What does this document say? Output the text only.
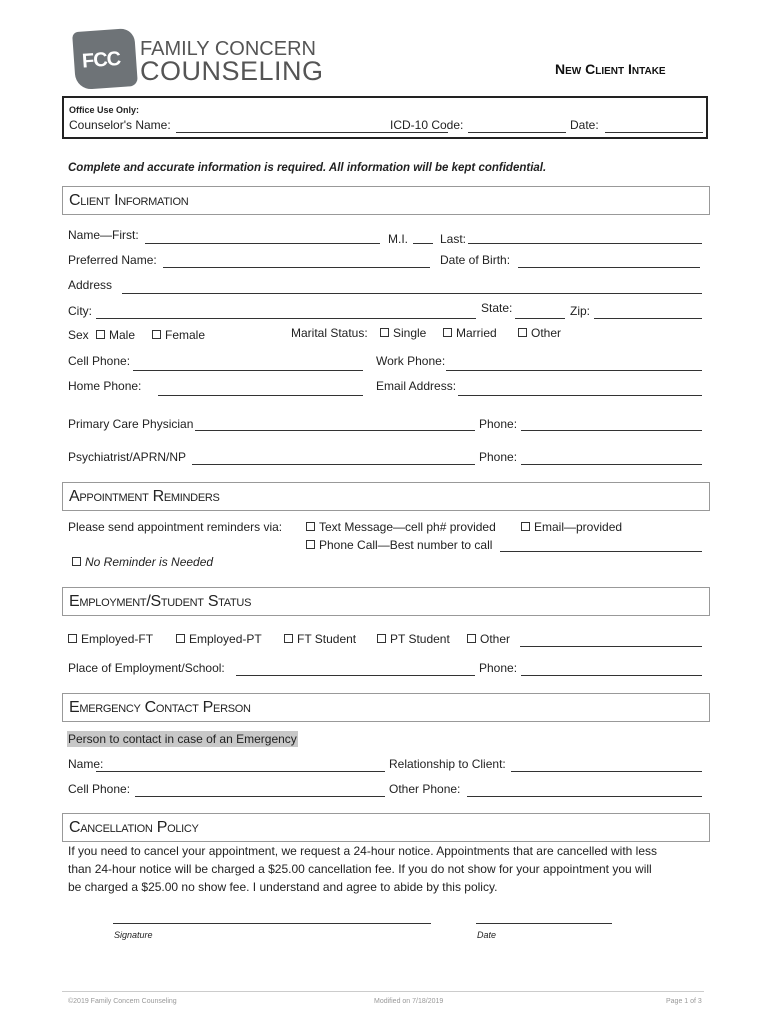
FCC FAMILY CONCERN
COUNSELING	New Client Intake
Office Use Only:
Counselor's Name:	ICD-10 Code:	Date:
Complete and accurate information is required. All information will be kept confidential.
Client Information
Name—First:	M.I.	Last:
Preferred Name:	Date of Birth:
Address
City:	State:	Zip:
Sex	Male	Female	Marital Status:	Single	Married	Other
Cell Phone:	Work Phone:
Home Phone:	Email Address:
Primary Care Physician	Phone:
Psychiatrist/APRN/NP	Phone:
Appointment Reminders
Please send appointment reminders via:	Text Message—cell ph# provided	Email—provided
Phone Call—Best number to call
No Reminder is Needed
Employment/Student Status
Employed-FT	Employed-PT	FT Student	PT Student	Other
Place of Employment/School:	Phone:
Emergency Contact Person
Person to contact in case of an Emergency
Name:	Relationship to Client:
Cell Phone:	Other Phone:
Cancellation Policy
If you need to cancel your appointment, we request a 24-hour notice. Appointments that are cancelled with less
than 24-hour notice will be charged a $25.00 cancellation fee. If you do not show for your appointment you will
be charged a $25.00 no show fee. I understand and agree to abide by this policy.
Signature	Date
©2019 Family Concern Counseling	Modified on 7/18/2019	Page 1 of 3
